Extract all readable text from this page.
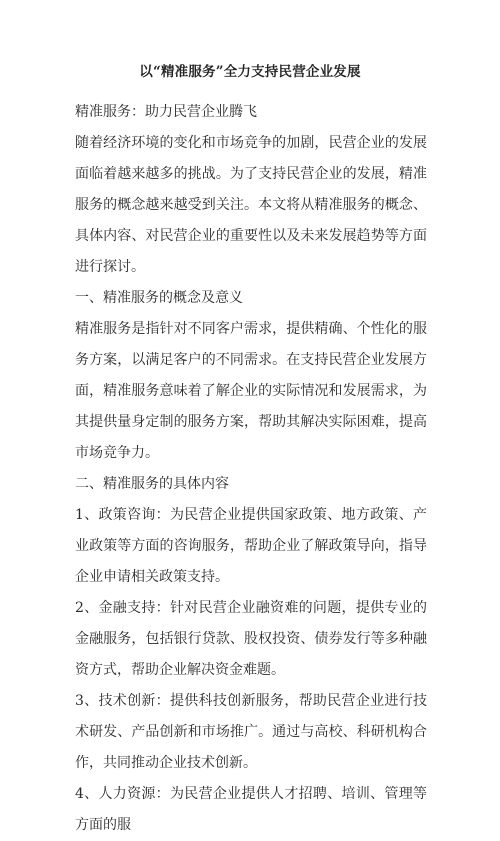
以“精准服务”全力支持民营企业发展

精准服务：助力民营企业腾飞

随着经济环境的变化和市场竞争的加剧，民营企业的发展面临着越来越多的挑战。为了支持民营企业的发展，精准服务的概念越来越受到关注。本文将从精准服务的概念、具体内容、对民营企业的重要性以及未来发展趋势等方面进行探讨。

一、精准服务的概念及意义

精准服务是指针对不同客户需求，提供精确、个性化的服务方案，以满足客户的不同需求。在支持民营企业发展方面，精准服务意味着了解企业的实际情况和发展需求，为其提供量身定制的服务方案，帮助其解决实际困难，提高市场竞争力。

二、精准服务的具体内容

1、政策咨询：为民营企业提供国家政策、地方政策、产业政策等方面的咨询服务，帮助企业了解政策导向，指导企业申请相关政策支持。

2、金融支持：针对民营企业融资难的问题，提供专业的金融服务，包括银行贷款、股权投资、债券发行等多种融资方式，帮助企业解决资金难题。

3、技术创新：提供科技创新服务，帮助民营企业进行技术研发、产品创新和市场推广。通过与高校、科研机构合作，共同推动企业技术创新。

4、人力资源：为民营企业提供人才招聘、培训、管理等方面的服
